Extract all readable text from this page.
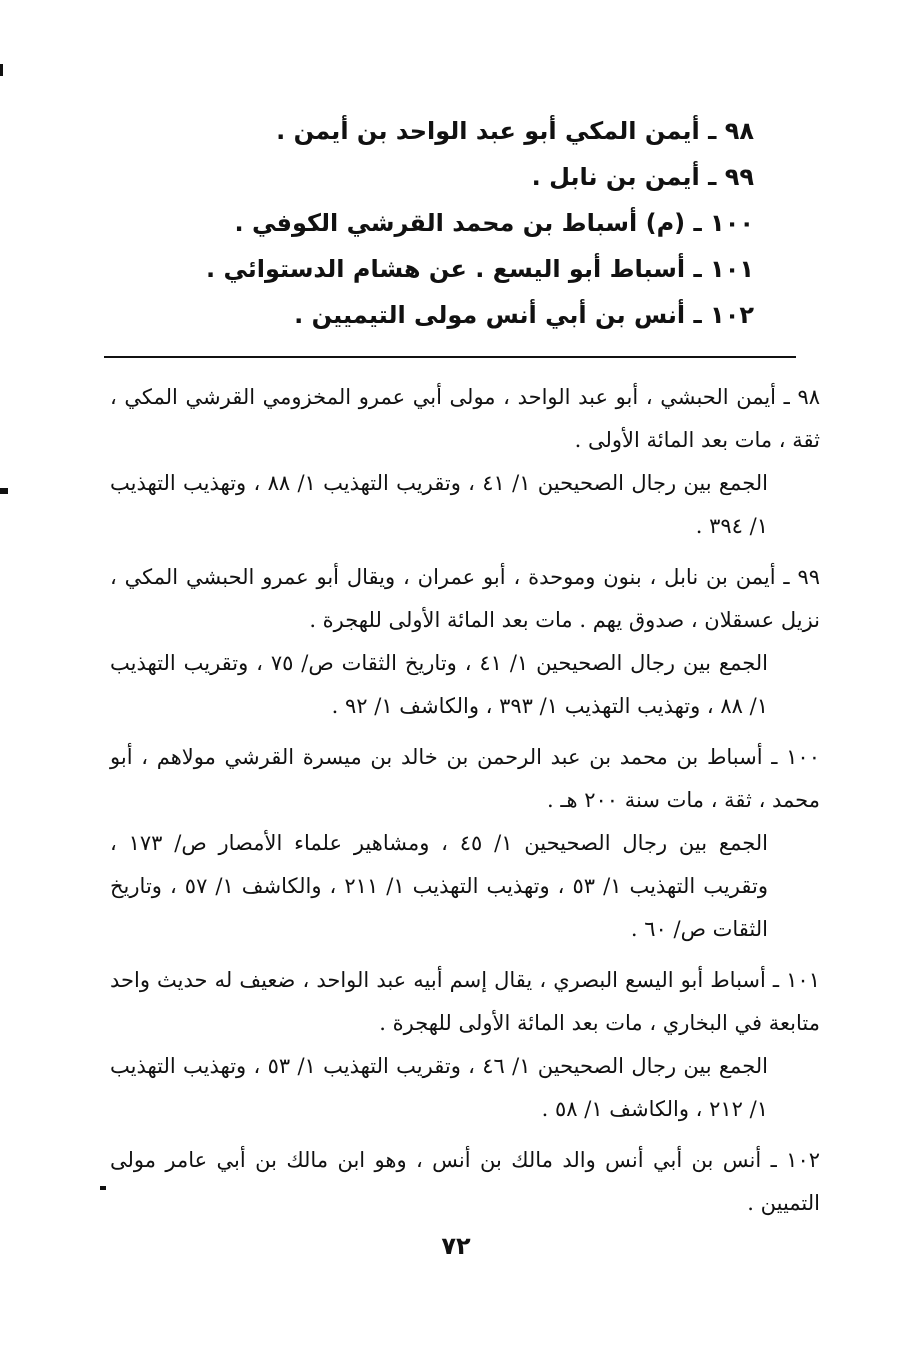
٩٨ ـ أيمن المكي أبو عبد الواحد بن أيمن .
٩٩ ـ أيمن بن نابل .
١٠٠ ـ (م) أسباط بن محمد القرشي الكوفي .
١٠١ ـ أسباط أبو اليسع . عن هشام الدستوائي .
١٠٢ ـ أنس بن أبي أنس مولى التيميين .

٩٨ ـ أيمن الحبشي ، أبو عبد الواحد ، مولى أبي عمرو المخزومي القرشي المكي ، ثقة ، مات بعد المائة الأولى .

الجمع بين رجال الصحيحين ١/ ٤١ ، وتقريب التهذيب ١/ ٨٨ ، وتهذيب التهذيب ١/ ٣٩٤ .

٩٩ ـ أيمن بن نابل ، بنون وموحدة ، أبو عمران ، ويقال أبو عمرو الحبشي المكي ، نزيل عسقلان ، صدوق يهم . مات بعد المائة الأولى للهجرة .

الجمع بين رجال الصحيحين ١/ ٤١ ، وتاريخ الثقات ص/ ٧٥ ، وتقريب التهذيب ١/ ٨٨ ، وتهذيب التهذيب ١/ ٣٩٣ ، والكاشف ١/ ٩٢ .

١٠٠ ـ أسباط بن محمد بن عبد الرحمن بن خالد بن ميسرة القرشي مولاهم ، أبو محمد ، ثقة ، مات سنة ٢٠٠ هـ .

الجمع بين رجال الصحيحين ١/ ٤٥ ، ومشاهير علماء الأمصار ص/ ١٧٣ ، وتقريب التهذيب ١/ ٥٣ ، وتهذيب التهذيب ١/ ٢١١ ، والكاشف ١/ ٥٧ ، وتاريخ الثقات ص/ ٦٠ .

١٠١ ـ أسباط أبو اليسع البصري ، يقال إسم أبيه عبد الواحد ، ضعيف له حديث واحد متابعة في البخاري ، مات بعد المائة الأولى للهجرة .

الجمع بين رجال الصحيحين ١/ ٤٦ ، وتقريب التهذيب ١/ ٥٣ ، وتهذيب التهذيب ١/ ٢١٢ ، والكاشف ١/ ٥٨ .

١٠٢ ـ أنس بن أبي أنس والد مالك بن أنس ، وهو ابن مالك بن أبي عامر مولى التميين .

٧٢
